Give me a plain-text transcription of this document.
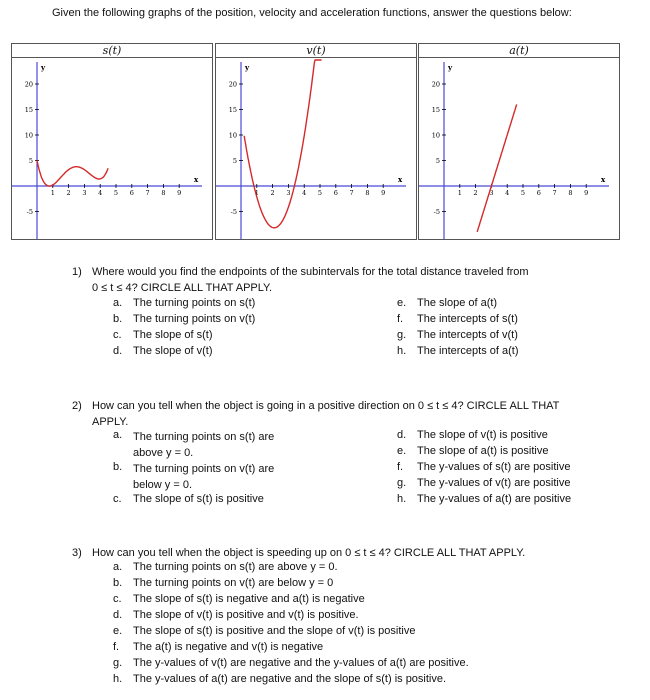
Given the following graphs of the position, velocity and acceleration functions, answer the questions below:
s(t)
x
y
1 2 3 4 5 6 7 8 9
20
15
10
5
-5
v(t)
x
y
1 2 3 4 5 6 7 8 9
20
15
10
5
-5
a(t)
x
y
1 2 3 4 5 6 7 8 9
20
15
10
5
-5
1) Where would you find the endpoints of the subintervals for the total distance traveled from
0 ≤ t ≤ 4? CIRCLE ALL THAT APPLY.
a. The turning points on s(t)
b. The turning points on v(t)
c.	The slope of s(t)
d. The slope of v(t)
e. The slope of a(t)
f.	The intercepts of s(t)
g. The intercepts of v(t)
h. The intercepts of a(t)
2) How can you tell when the object is going in a positive direction on 0 ≤ t ≤ 4? CIRCLE ALL THAT
APPLY.
a. The turning points on s(t) are above y = 0.
b. The turning points on v(t) are below y = 0.
c.	The slope of s(t) is positive
d. The slope of v(t) is positive
e. The slope of a(t) is positive
f.	The y-values of s(t) are positive
g. The y-values of v(t) are positive
h. The y-values of a(t) are positive
3) How can you tell when the object is speeding up on 0 ≤ t ≤ 4? CIRCLE ALL THAT APPLY.
a. The turning points on s(t) are above y = 0.
b. The turning points on v(t) are below y = 0
c.	The slope of s(t) is negative and a(t) is negative
d. The slope of v(t) is positive and v(t) is positive.
e. The slope of s(t) is positive and the slope of v(t) is positive
f.	The a(t) is negative and v(t) is negative
g. The y-values of v(t) are negative and the y-values of a(t) are positive.
h. The y-values of a(t) are negative and the slope of s(t) is positive.
